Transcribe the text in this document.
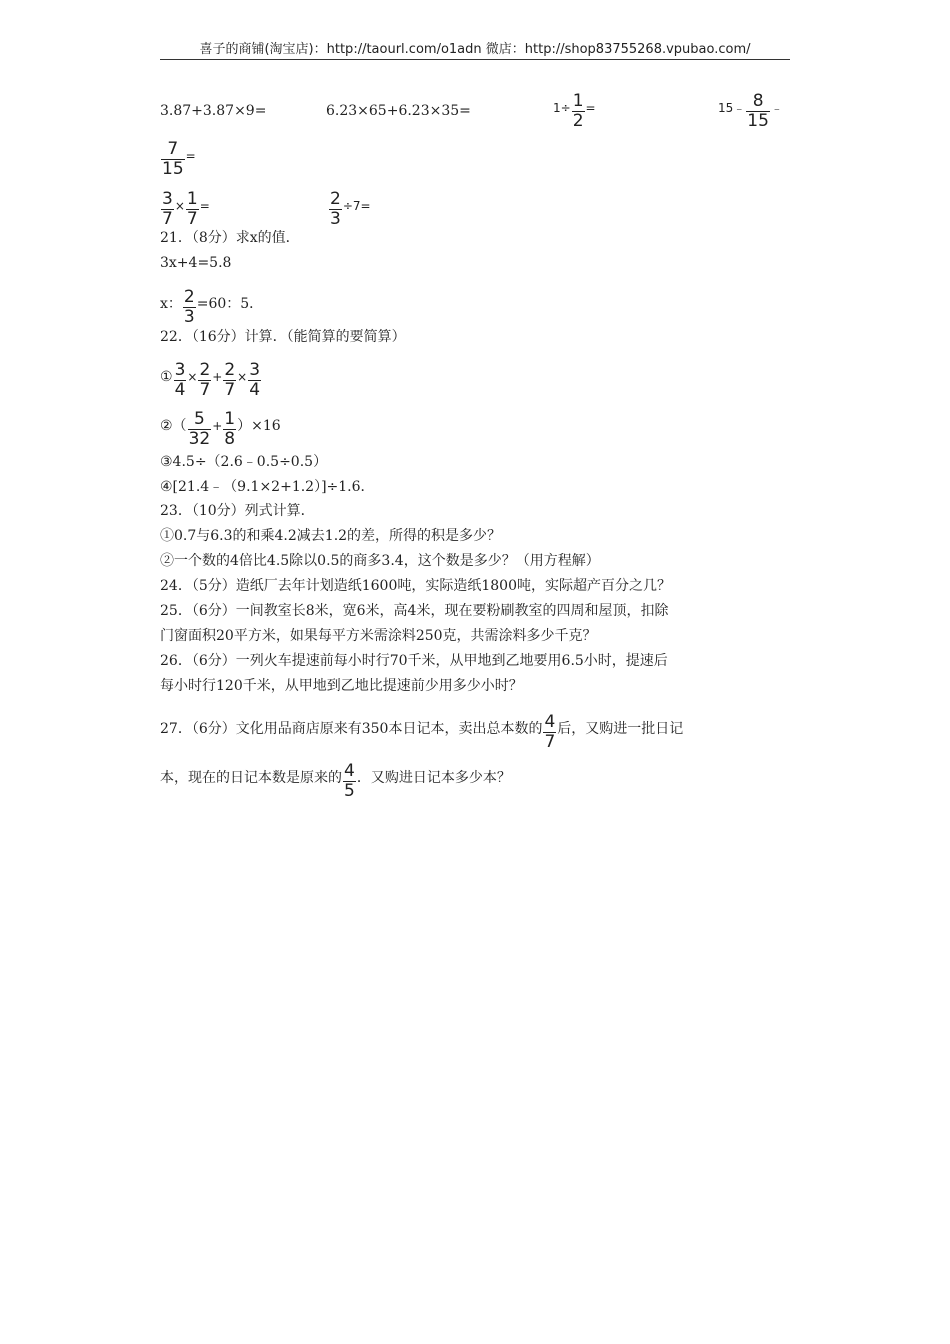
喜子的商铺(淘宝店)：http://taourl.com/o1adn 微店：http://shop83755268.vpubao.com/
3.87+3.87×9=	6.23×65+6.23×35=	$1\div \frac{1}{2}$ =	15﹣ $\frac{8}{15}$ ﹣
$\frac{7}{15}$ =
$\frac{3}{7} \times \frac{1}{7}$ =	$\frac{2}{3} \div 7=$
21．（8分）求x的值．
3x+4=5.8
x： $\frac{2}{3} =60$：5．
22．（16分）计算．（能简算的要简算）
① $\frac{3}{4} \times \frac{2}{7} + \frac{2}{7} \times \frac{3}{4}$
②（ $\frac{5}{32} + \frac{1}{8} )\times 16$
③4.5÷（2.6﹣0.5÷0.5）
④[21.4﹣（9.1×2+1.2）]÷1.6．
23．（10分）列式计算．
①0.7与6.3的和乘4.2减去1.2的差，所得的积是多少？
②一个数的4倍比4.5除以0.5的商多3.4，这个数是多少？（用方程解）
24．（5分）造纸厂去年计划造纸1600吨，实际造纸1800吨，实际超产百分之几？
25．（6分）一间教室长8米，宽6米，高4米，现在要粉刷教室的四周和屋顶，扣除
门窗面积20平方米，如果每平方米需涂料250克，共需涂料多少千克？
26．（6分）一列火车提速前每小时行70千米，从甲地到乙地要用6.5小时，提速后
每小时行120千米，从甲地到乙地比提速前少用多少小时？
27．（6分）文化用品商店原来有350本日记本，卖出总本数的 $\frac{4}{7}$ 后，又购进一批日记
本，现在的日记本数是原来的 $\frac{4}{5}$ ．又购进日记本多少本？
